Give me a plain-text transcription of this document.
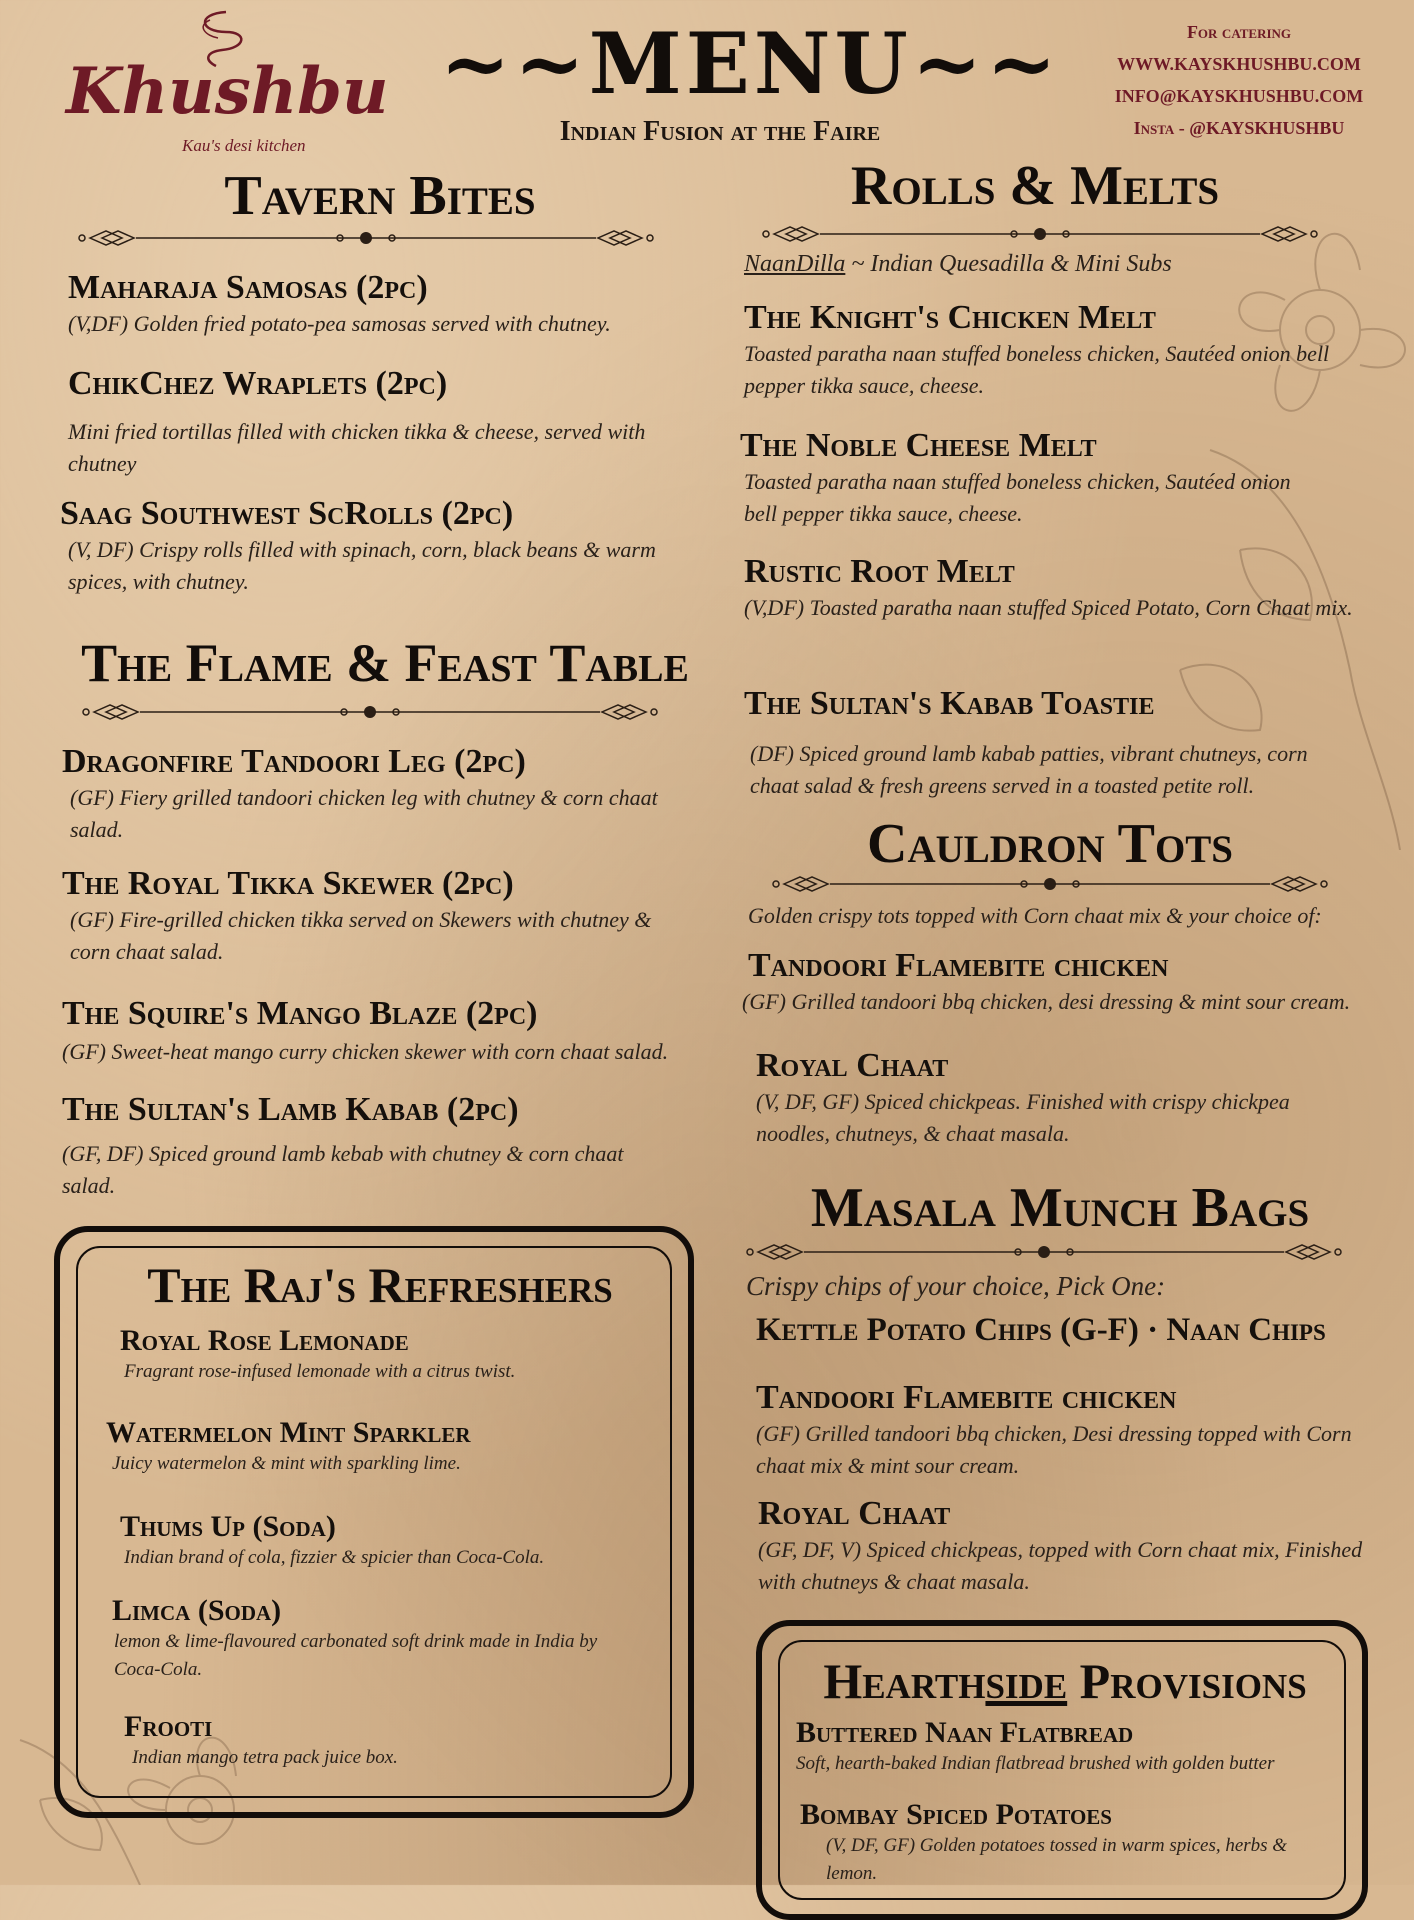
Khushbu
Kau's desi kitchen
~~MENU~~
Indian Fusion at the Faire
For catering
WWW.KAYSKHUSHBU.COM
INFO@KAYSKHUSHBU.COM
Insta - @KAYSKHUSHBU
Tavern Bites
Maharaja Samosas (2pc)
(V,DF) Golden fried potato-pea samosas served with chutney.
ChikChez Wraplets (2pc)
Mini fried tortillas filled with chicken tikka & cheese, served with chutney
Saag Southwest ScRolls (2pc)
(V, DF) Crispy rolls filled with spinach, corn, black beans & warm spices, with chutney.
The Flame & Feast Table
Dragonfire Tandoori Leg (2pc)
(GF) Fiery grilled tandoori chicken leg with chutney & corn chaat salad.
The Royal Tikka Skewer (2pc)
(GF) Fire-grilled chicken tikka served on Skewers with chutney & corn chaat salad.
The Squire's Mango Blaze (2pc)
(GF) Sweet-heat mango curry chicken skewer with corn chaat salad.
The Sultan's Lamb Kabab (2pc)
(GF, DF) Spiced ground lamb kebab with chutney & corn chaat salad.
The Raj's Refreshers
Royal Rose Lemonade
Fragrant rose-infused lemonade with a citrus twist.
Watermelon Mint Sparkler
Juicy watermelon & mint with sparkling lime.
Thums Up (Soda)
Indian brand of cola, fizzier & spicier than Coca-Cola.
Limca (Soda)
lemon & lime-flavoured carbonated soft drink made in India by Coca-Cola.
Frooti
Indian mango tetra pack juice box.
Rolls & Melts
NaanDilla ~ Indian Quesadilla & Mini Subs
The Knight's Chicken Melt
Toasted paratha naan stuffed boneless chicken, Sautéed onion bell pepper tikka sauce, cheese.
The Noble Cheese Melt
Toasted paratha naan stuffed boneless chicken, Sautéed onion bell pepper tikka sauce, cheese.
Rustic Root Melt
(V,DF) Toasted paratha naan stuffed Spiced Potato, Corn Chaat mix.
The Sultan's Kabab Toastie
(DF) Spiced ground lamb kabab patties, vibrant chutneys, corn chaat salad & fresh greens served in a toasted petite roll.
Cauldron Tots
Golden crispy tots topped with Corn chaat mix & your choice of:
Tandoori Flamebite chicken
(GF) Grilled tandoori bbq chicken, desi dressing & mint sour cream.
Royal Chaat
(V, DF, GF) Spiced chickpeas. Finished with crispy chickpea noodles, chutneys, & chaat masala.
Masala Munch Bags
Crispy chips of your choice, Pick One:
Kettle Potato Chips (G-F) · Naan Chips
Tandoori Flamebite chicken
(GF) Grilled tandoori bbq chicken, Desi dressing topped with Corn chaat mix & mint sour cream.
Royal Chaat
(GF, DF, V) Spiced chickpeas, topped with Corn chaat mix, Finished with chutneys & chaat masala.
Hearthside Provisions
Buttered Naan Flatbread
Soft, hearth-baked Indian flatbread brushed with golden butter
Bombay Spiced Potatoes
(V, DF, GF) Golden potatoes tossed in warm spices, herbs & lemon.
